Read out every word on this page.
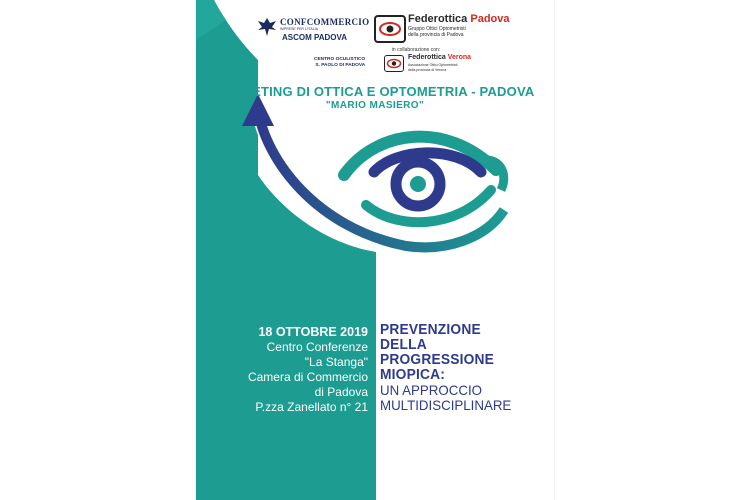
CONFCOMMERCIO
IMPRESE PER L'ITALIA
ASCOM PADOVA
Federottica Padova
Gruppo Ottici Optometristi
della provincia di Padova
in collaborazione con:
CENTRO OCULISTICO
S. PAOLO DI PADOVA
Federottica Verona
Associazione Ottici Optometristi
della provincia di Verona
7° MEETING DI OTTICA E OPTOMETRIA - PADOVA
"MARIO MASIERO"
18 OTTOBRE 2019
Centro Conferenze
"La Stanga"
Camera di Commercio
di Padova
P.zza Zanellato n° 21
PREVENZIONE
DELLA
PROGRESSIONE
MIOPICA:
UN APPROCCIO
MULTIDISCIPLINARE
